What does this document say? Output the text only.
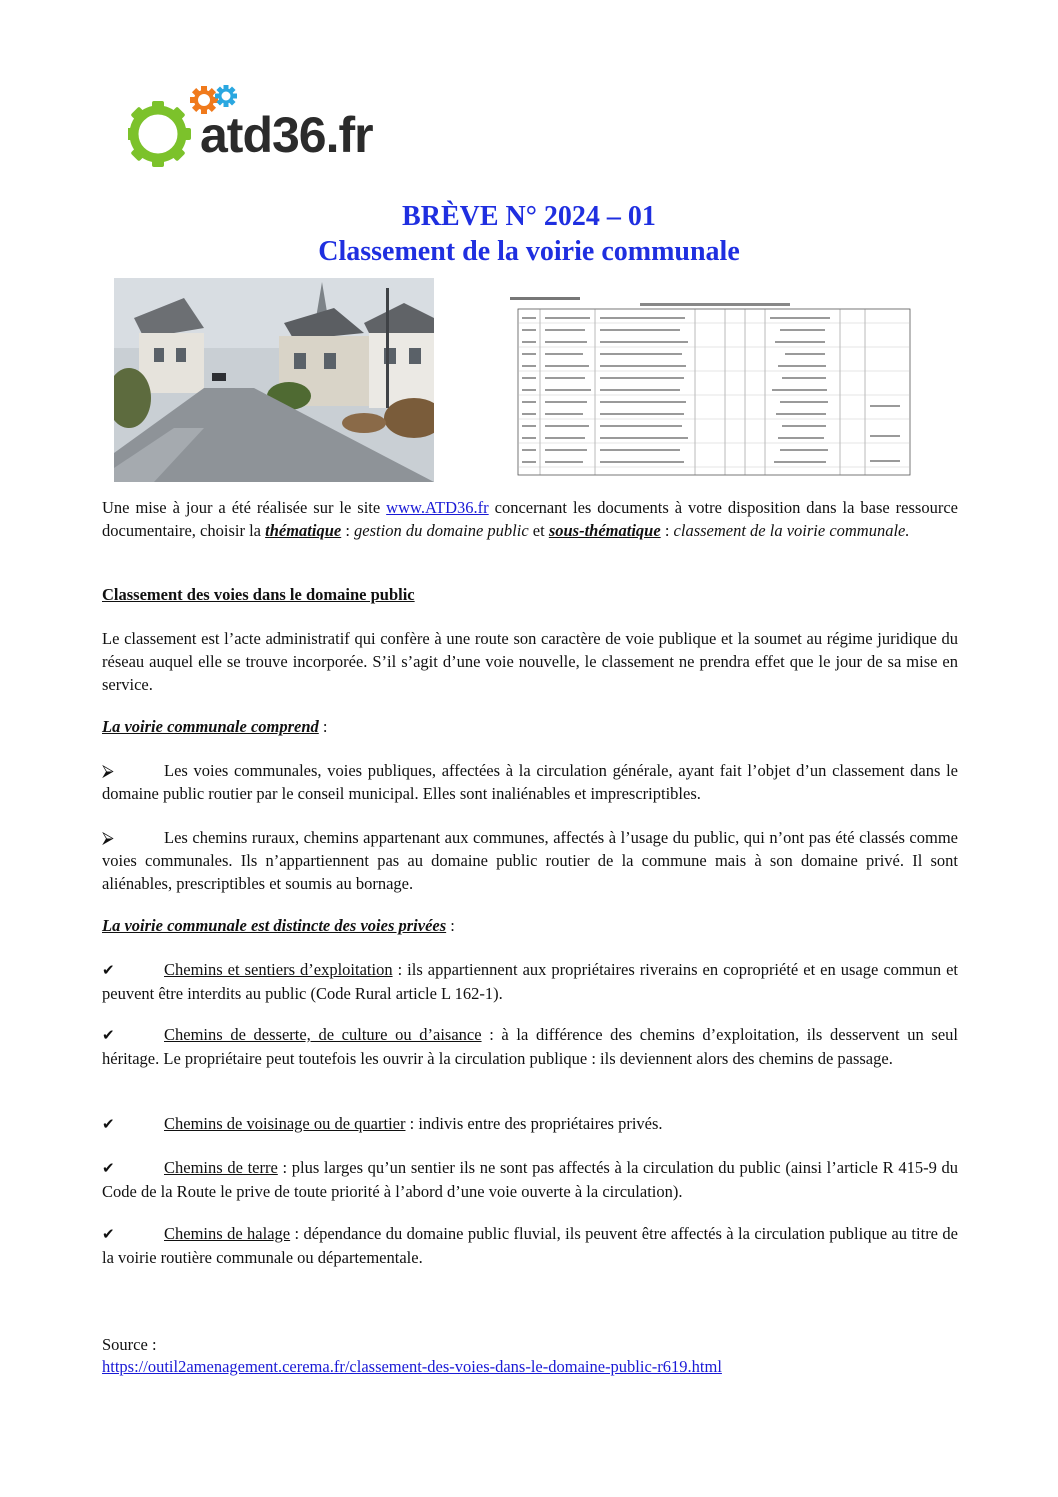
atd36.fr
BRÈVE N° 2024 – 01
Classement de la voirie communale
Une mise à jour a été réalisée sur le site www.ATD36.fr concernant les documents à votre disposition dans la base ressource documentaire, choisir la thématique : gestion du domaine public et sous-thématique : classement de la voirie communale.
Classement des voies dans le domaine public
Le classement est l’acte administratif qui confère à une route son caractère de voie publique et la soumet au régime juridique du réseau auquel elle se trouve incorporée. S’il s’agit d’une voie nouvelle, le classement ne prendra effet que le jour de sa mise en service.
La voirie communale comprend :
⮚	Les voies communales, voies publiques, affectées à la circulation générale, ayant fait l’objet d’un classement dans le domaine public routier par le conseil municipal. Elles sont inaliénables et imprescriptibles.
⮚	Les chemins ruraux, chemins appartenant aux communes, affectés à l’usage du public, qui n’ont pas été classés comme voies communales. Ils n’appartiennent pas au domaine public routier de la commune mais à son domaine privé. Il sont aliénables, prescriptibles et soumis au bornage.
La voirie communale est distincte des voies privées :
✔	Chemins et sentiers d’exploitation : ils appartiennent aux propriétaires riverains en copropriété et en usage commun et peuvent être interdits au public (Code Rural article L 162-1).
✔	Chemins de desserte, de culture ou d’aisance : à la différence des chemins d’exploitation, ils desservent un seul héritage. Le propriétaire peut toutefois les ouvrir à la circulation publique : ils deviennent alors des chemins de passage.
✔	Chemins de voisinage ou de quartier : indivis entre des propriétaires privés.
✔	Chemins de terre : plus larges qu’un sentier ils ne sont pas affectés à la circulation du public (ainsi l’article R 415-9 du Code de la Route le prive de toute priorité à l’abord d’une voie ouverte à la circulation).
✔	Chemins de halage : dépendance du domaine public fluvial, ils peuvent être affectés à la circulation publique au titre de la voirie routière communale ou départementale.
Source :
https://outil2amenagement.cerema.fr/classement-des-voies-dans-le-domaine-public-r619.html
